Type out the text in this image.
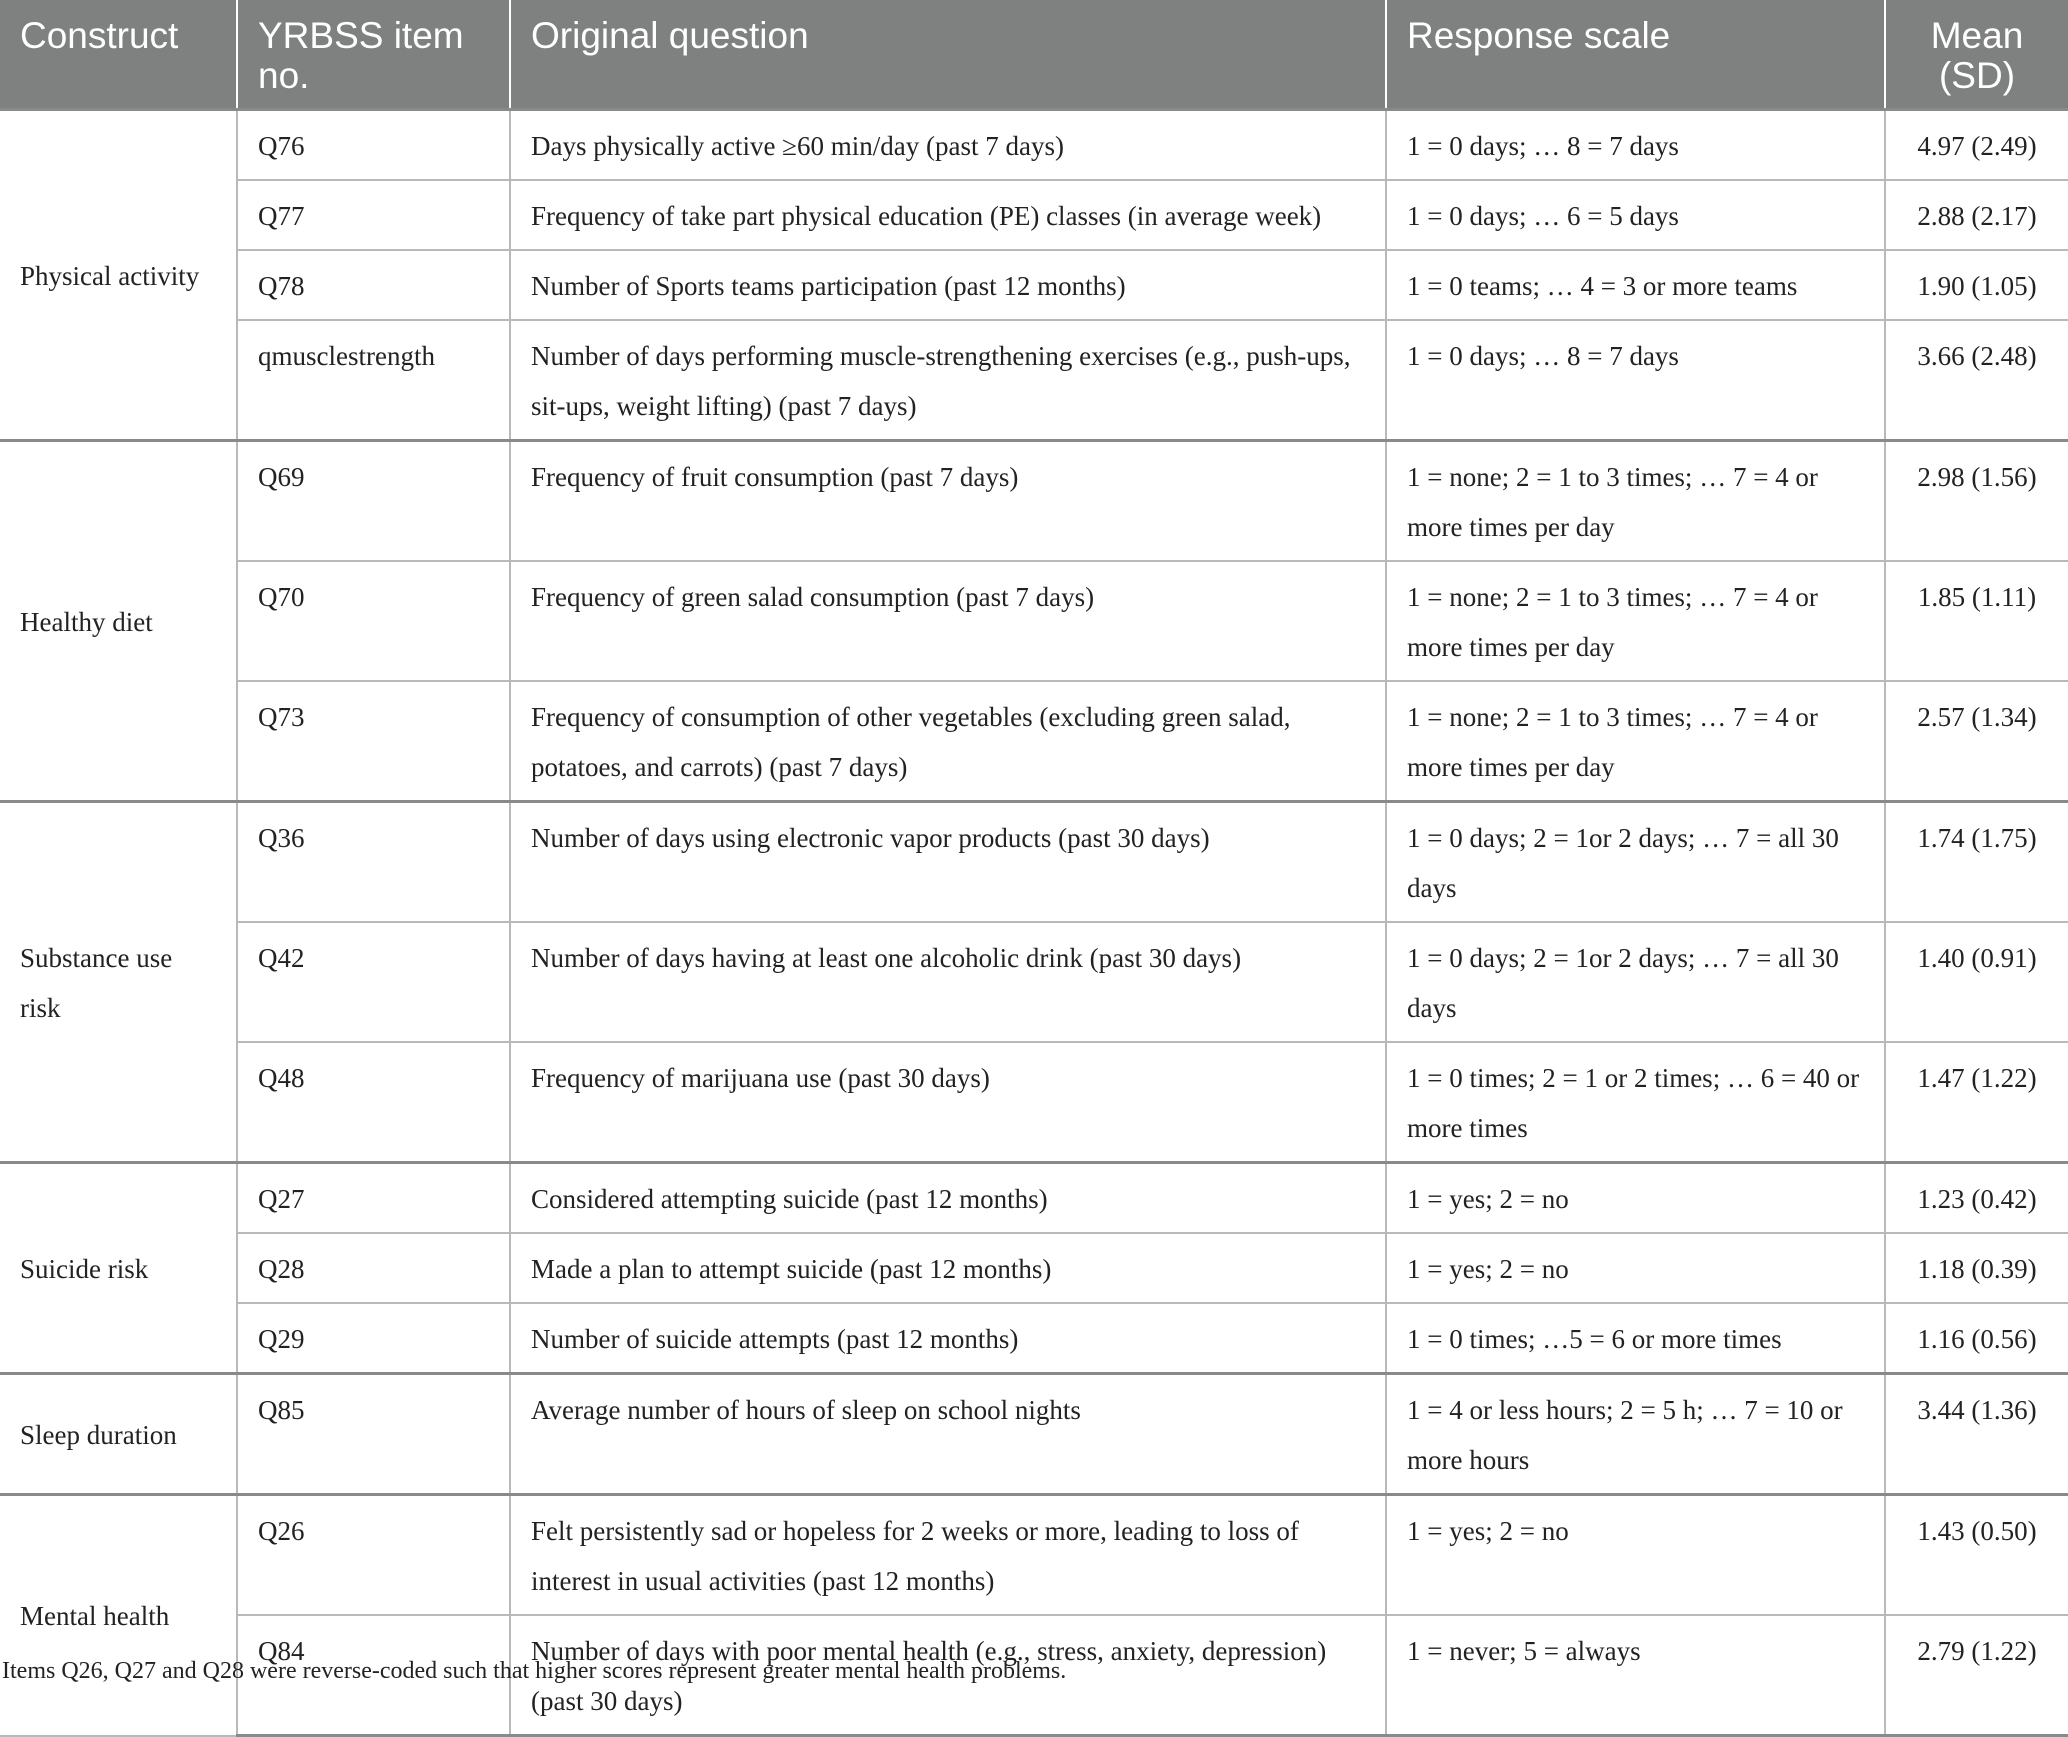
Construct	YRBSS item no.	Original question	Response scale	Mean (SD)
Physical activity	Q76	Days physically active ≥60 min/day (past 7 days)	1 = 0 days; … 8 = 7 days	4.97 (2.49)
	Q77	Frequency of take part physical education (PE) classes (in average week)	1 = 0 days; … 6 = 5 days	2.88 (2.17)
	Q78	Number of Sports teams participation (past 12 months)	1 = 0 teams; … 4 = 3 or more teams	1.90 (1.05)
	qmusclestrength	Number of days performing muscle-strengthening exercises (e.g., push-ups, sit-ups, weight lifting) (past 7 days)	1 = 0 days; … 8 = 7 days	3.66 (2.48)
Healthy diet	Q69	Frequency of fruit consumption (past 7 days)	1 = none; 2 = 1 to 3 times; … 7 = 4 or more times per day	2.98 (1.56)
	Q70	Frequency of green salad consumption (past 7 days)	1 = none; 2 = 1 to 3 times; … 7 = 4 or more times per day	1.85 (1.11)
	Q73	Frequency of consumption of other vegetables (excluding green salad, potatoes, and carrots) (past 7 days)	1 = none; 2 = 1 to 3 times; … 7 = 4 or more times per day	2.57 (1.34)
Substance use risk	Q36	Number of days using electronic vapor products (past 30 days)	1 = 0 days; 2 = 1or 2 days; … 7 = all 30 days	1.74 (1.75)
	Q42	Number of days having at least one alcoholic drink (past 30 days)	1 = 0 days; 2 = 1or 2 days; … 7 = all 30 days	1.40 (0.91)
	Q48	Frequency of marijuana use (past 30 days)	1 = 0 times; 2 = 1 or 2 times; … 6 = 40 or more times	1.47 (1.22)
Suicide risk	Q27	Considered attempting suicide (past 12 months)	1 = yes; 2 = no	1.23 (0.42)
	Q28	Made a plan to attempt suicide (past 12 months)	1 = yes; 2 = no	1.18 (0.39)
	Q29	Number of suicide attempts (past 12 months)	1 = 0 times; …5 = 6 or more times	1.16 (0.56)
Sleep duration	Q85	Average number of hours of sleep on school nights	1 = 4 or less hours; 2 = 5 h; … 7 = 10 or more hours	3.44 (1.36)
Mental health	Q26	Felt persistently sad or hopeless for 2 weeks or more, leading to loss of interest in usual activities (past 12 months)	1 = yes; 2 = no	1.43 (0.50)
	Q84	Number of days with poor mental health (e.g., stress, anxiety, depression) (past 30 days)	1 = never; 5 = always	2.79 (1.22)
Items Q26, Q27 and Q28 were reverse-coded such that higher scores represent greater mental health problems.
